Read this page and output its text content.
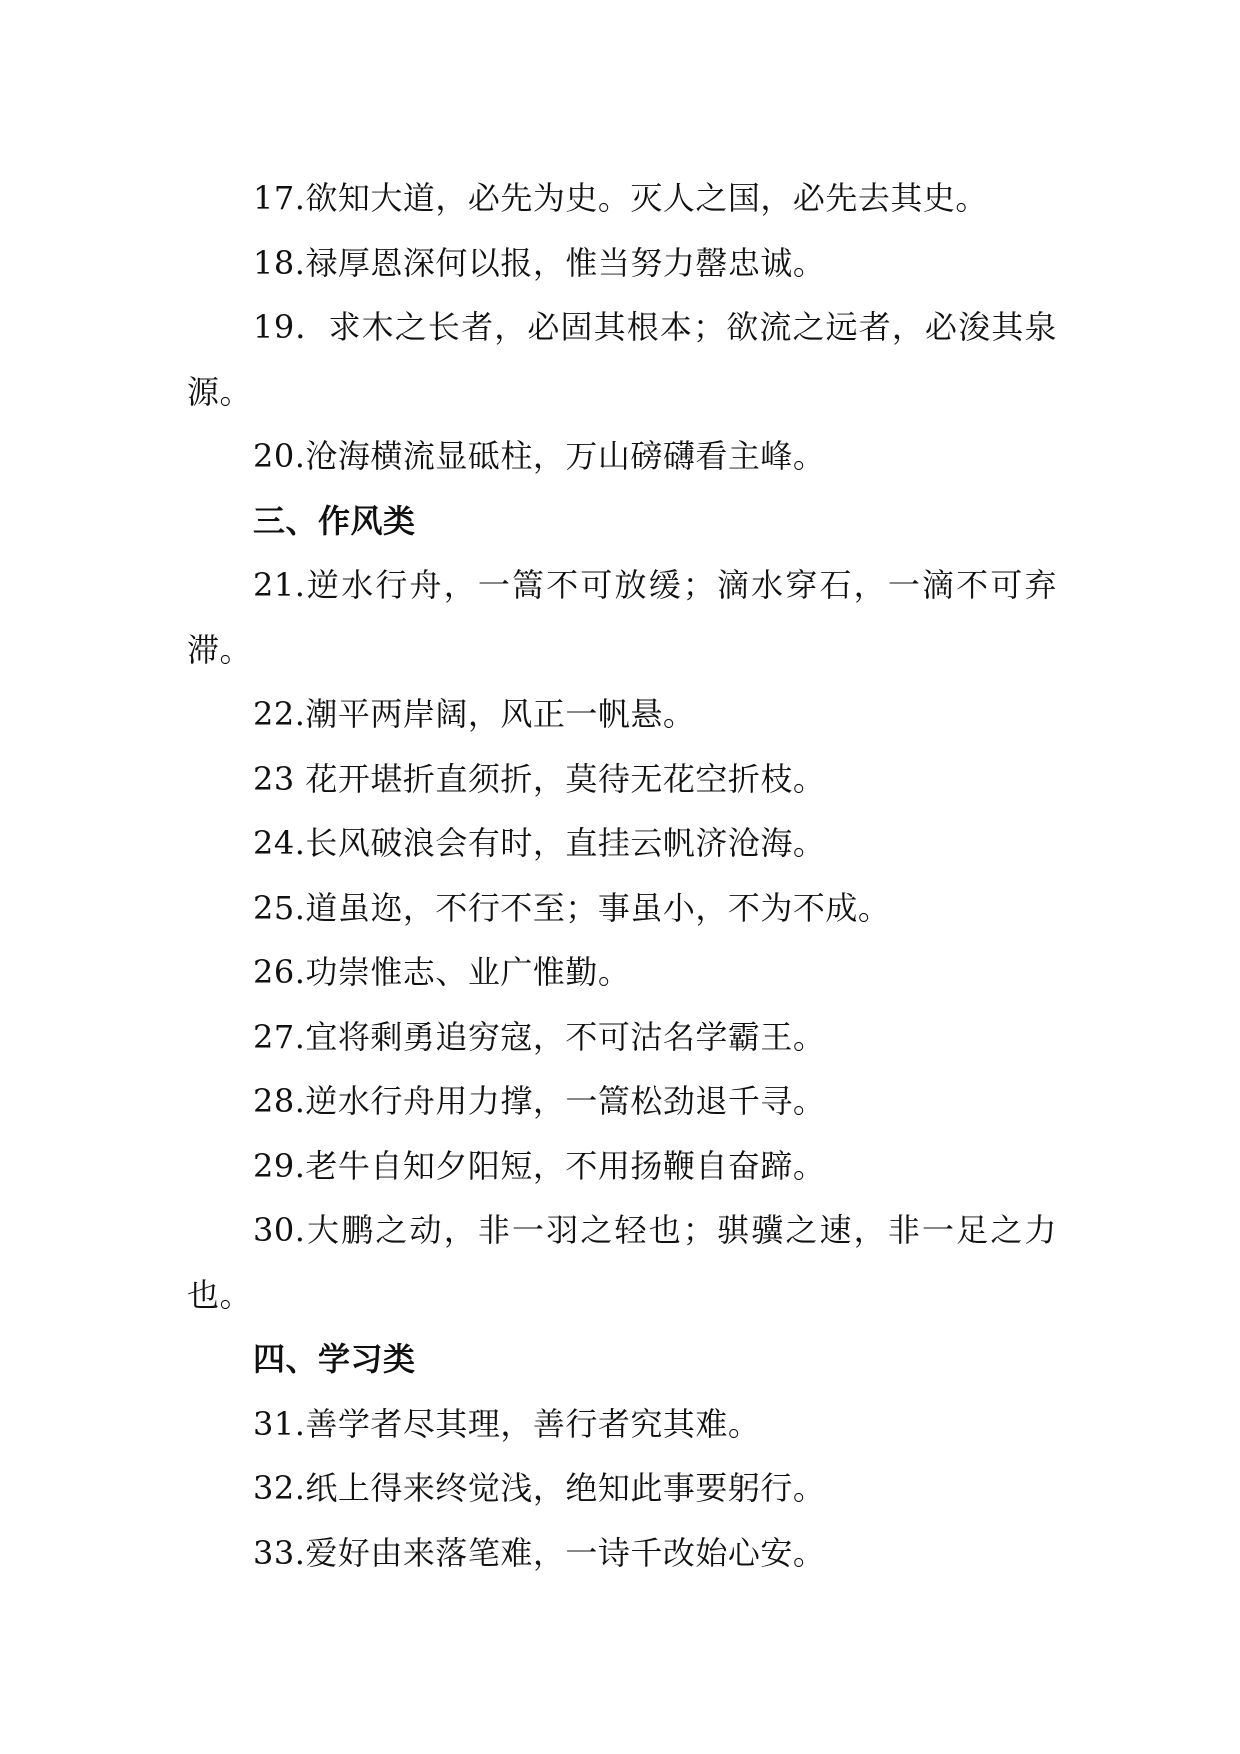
17.欲知大道，必先为史。灭人之国，必先去其史。

18.禄厚恩深何以报，惟当努力罄忠诚。

19．求木之长者，必固其根本；欲流之远者，必浚其泉源。

20.沧海横流显砥柱，万山磅礴看主峰。

三、作风类

21.逆水行舟，一篙不可放缓；滴水穿石，一滴不可弃滞。

22.潮平两岸阔，风正一帆悬。

23 花开堪折直须折，莫待无花空折枝。

24.长风破浪会有时，直挂云帆济沧海。

25.道虽迩，不行不至；事虽小，不为不成。

26.功崇惟志、业广惟勤。

27.宜将剩勇追穷寇，不可沽名学霸王。

28.逆水行舟用力撑，一篙松劲退千寻。

29.老牛自知夕阳短，不用扬鞭自奋蹄。

30.大鹏之动，非一羽之轻也；骐骥之速，非一足之力也。

四、学习类

31.善学者尽其理，善行者究其难。

32.纸上得来终觉浅，绝知此事要躬行。

33.爱好由来落笔难，一诗千改始心安。
